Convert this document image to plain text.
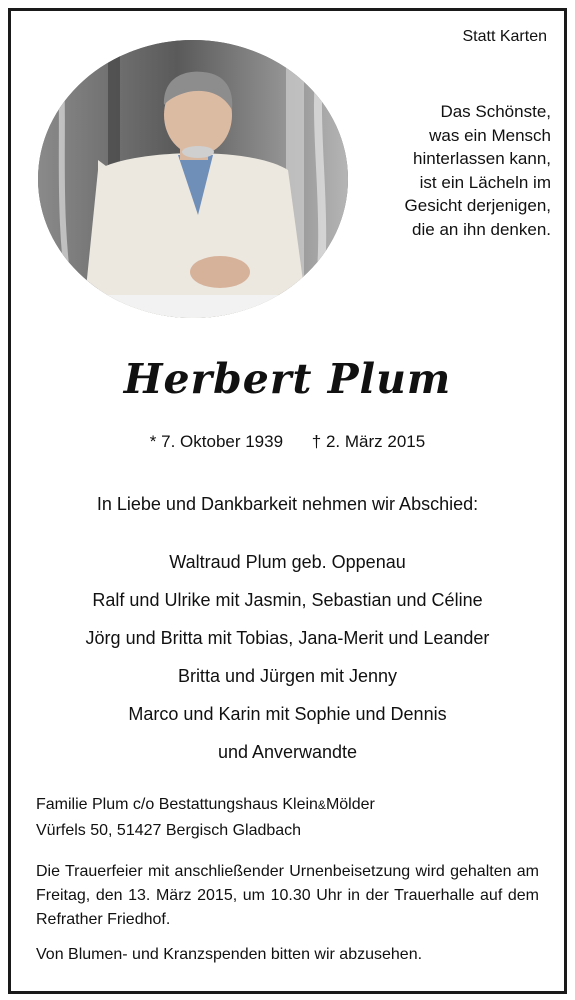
Statt Karten
Das Schönste,
was ein Mensch
hinterlassen kann,
ist ein Lächeln im
Gesicht derjenigen,
die an ihn denken.
Herbert Plum
* 7. Oktober 1939 † 2. März 2015
In Liebe und Dankbarkeit nehmen wir Abschied:
Waltraud Plum geb. Oppenau
Ralf und Ulrike mit Jasmin, Sebastian und Céline
Jörg und Britta mit Tobias, Jana-Merit und Leander
Britta und Jürgen mit Jenny
Marco und Karin mit Sophie und Dennis
und Anverwandte
Familie Plum c/o Bestattungshaus Klein&Mölder
Vürfels 50, 51427 Bergisch Gladbach
Die Trauerfeier mit anschließender Urnenbeisetzung wird gehalten am Freitag, den 13. März 2015, um 10.30 Uhr in der Trauerhalle auf dem Refrather Friedhof.
Von Blumen- und Kranzspenden bitten wir abzusehen.
